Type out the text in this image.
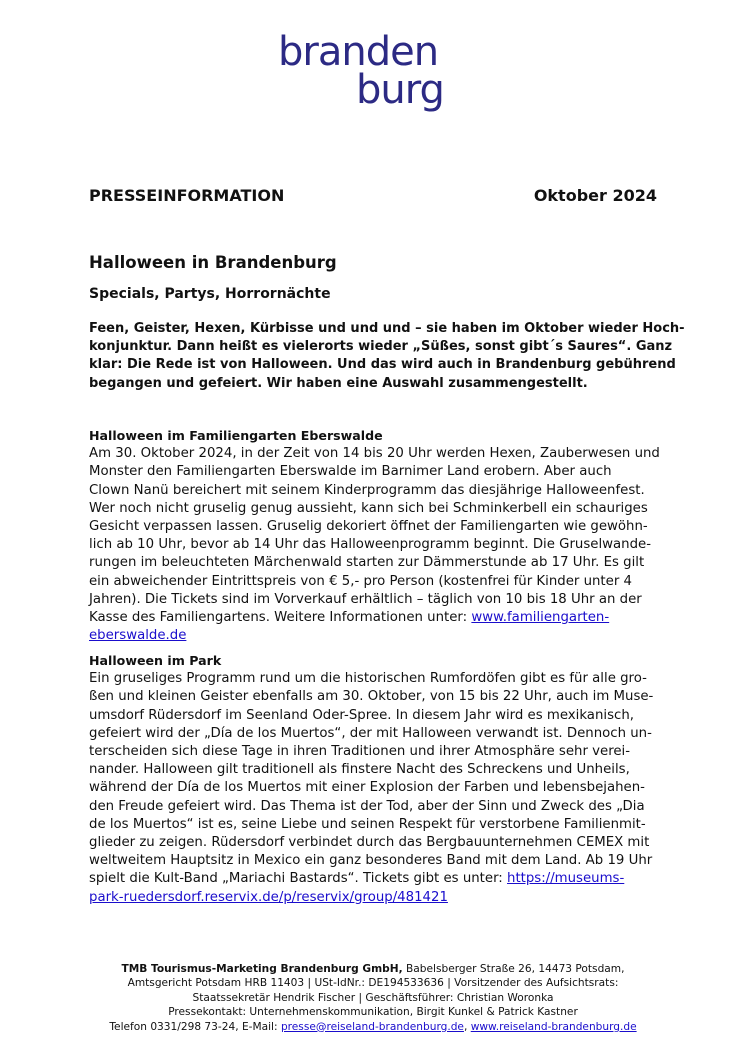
branden
burg
PRESSEINFORMATION	Oktober 2024
Halloween in Brandenburg
Specials, Partys, Horrornächte
Feen, Geister, Hexen, Kürbisse und und und – sie haben im Oktober wieder Hoch-
konjunktur. Dann heißt es vielerorts wieder „Süßes, sonst gibt´s Saures“. Ganz
klar: Die Rede ist von Halloween. Und das wird auch in Brandenburg gebührend
begangen und gefeiert. Wir haben eine Auswahl zusammengestellt.
Halloween im Familiengarten Eberswalde
Am 30. Oktober 2024, in der Zeit von 14 bis 20 Uhr werden Hexen, Zauberwesen und
Monster den Familiengarten Eberswalde im Barnimer Land erobern. Aber auch
Clown Nanü bereichert mit seinem Kinderprogramm das diesjährige Halloweenfest.
Wer noch nicht gruselig genug aussieht, kann sich bei Schminkerbell ein schauriges
Gesicht verpassen lassen. Gruselig dekoriert öffnet der Familiengarten wie gewöhn-
lich ab 10 Uhr, bevor ab 14 Uhr das Halloweenprogramm beginnt. Die Gruselwande-
rungen im beleuchteten Märchenwald starten zur Dämmerstunde ab 17 Uhr. Es gilt
ein abweichender Eintrittspreis von € 5,- pro Person (kostenfrei für Kinder unter 4
Jahren). Die Tickets sind im Vorverkauf erhältlich – täglich von 10 bis 18 Uhr an der
Kasse des Familiengartens. Weitere Informationen unter: www.familiengarten-
eberswalde.de
Halloween im Park
Ein gruseliges Programm rund um die historischen Rumfordöfen gibt es für alle gro-
ßen und kleinen Geister ebenfalls am 30. Oktober, von 15 bis 22 Uhr, auch im Muse-
umsdorf Rüdersdorf im Seenland Oder-Spree. In diesem Jahr wird es mexikanisch,
gefeiert wird der „Día de los Muertos“, der mit Halloween verwandt ist. Dennoch un-
terscheiden sich diese Tage in ihren Traditionen und ihrer Atmosphäre sehr verei-
nander. Halloween gilt traditionell als finstere Nacht des Schreckens und Unheils,
während der Día de los Muertos mit einer Explosion der Farben und lebensbejahen-
den Freude gefeiert wird. Das Thema ist der Tod, aber der Sinn und Zweck des „Dia
de los Muertos“ ist es, seine Liebe und seinen Respekt für verstorbene Familienmit-
glieder zu zeigen. Rüdersdorf verbindet durch das Bergbauunternehmen CEMEX mit
weltweitem Hauptsitz in Mexico ein ganz besonderes Band mit dem Land. Ab 19 Uhr
spielt die Kult-Band „Mariachi Bastards“. Tickets gibt es unter: https://museums-
park-ruedersdorf.reservix.de/p/reservix/group/481421
TMB Tourismus-Marketing Brandenburg GmbH, Babelsberger Straße 26, 14473 Potsdam,
Amtsgericht Potsdam HRB 11403 | USt-IdNr.: DE194533636 | Vorsitzender des Aufsichtsrats:
Staatssekretär Hendrik Fischer | Geschäftsführer: Christian Woronka
Pressekontakt: Unternehmenskommunikation, Birgit Kunkel & Patrick Kastner
Telefon 0331/298 73-24, E-Mail: presse@reiseland-brandenburg.de, www.reiseland-brandenburg.de
